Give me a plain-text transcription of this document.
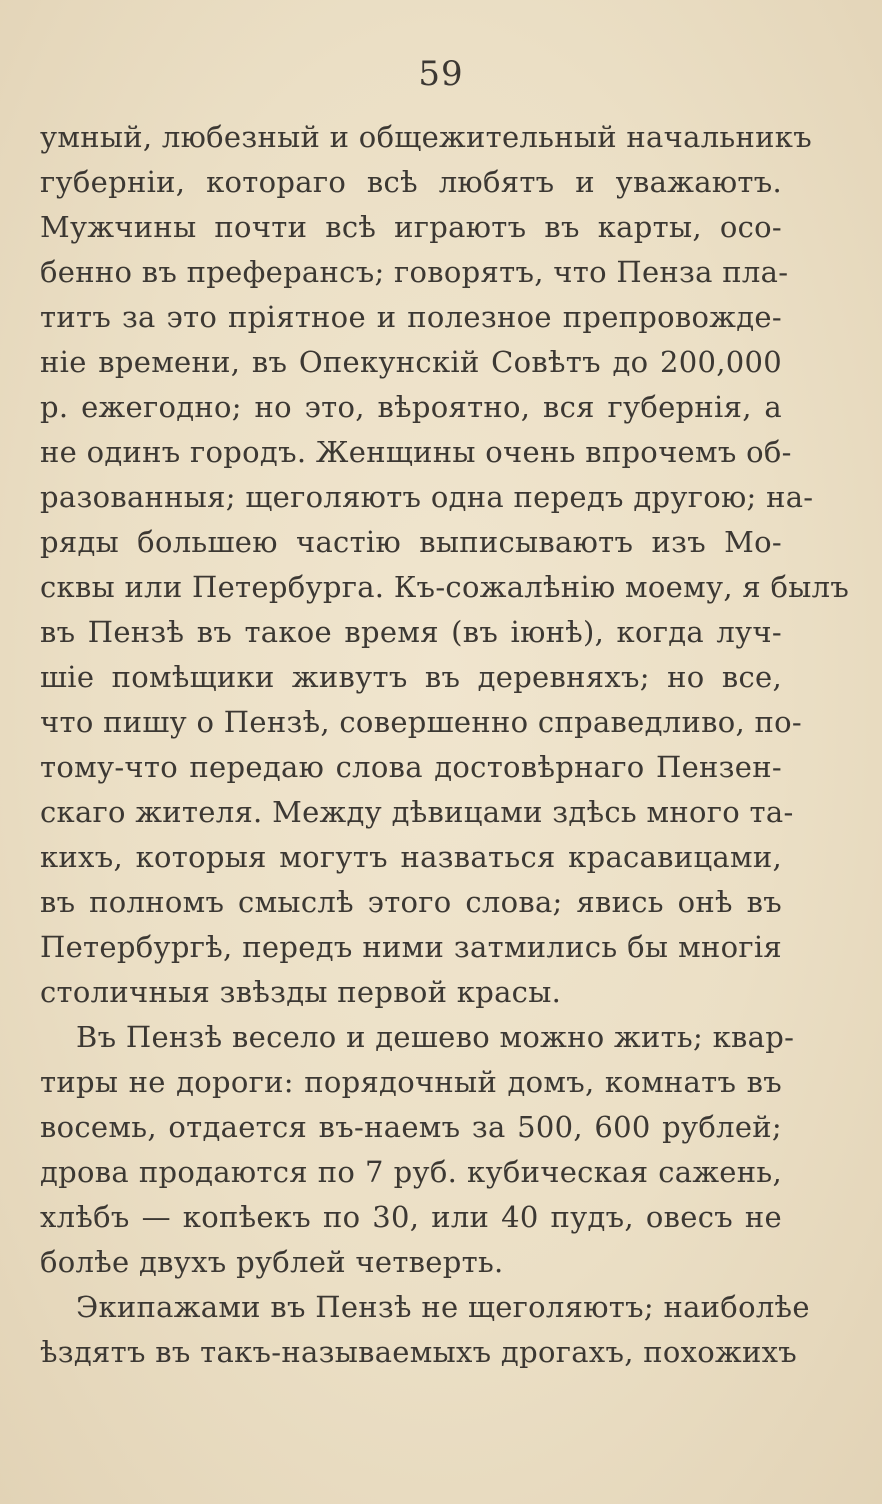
59
умный, любезный и общежительный начальникъ
губерніи, котораго всѣ любятъ и уважаютъ.
Мужчины почти всѣ играютъ въ карты, осо-
бенно въ преферансъ; говорятъ, что Пенза пла-
титъ за это пріятное и полезное препровожде-
ніе времени, въ Опекунскій Совѣтъ до 200,000
р. ежегодно; но это, вѣроятно, вся губернія, а
не одинъ городъ. Женщины очень впрочемъ об-
разованныя; щеголяютъ одна передъ другою; на-
ряды большею частію выписываютъ изъ Мо-
сквы или Петербурга. Къ-сожалѣнію моему, я былъ
въ Пензѣ въ такое время (въ іюнѣ), когда луч-
шіе помѣщики живутъ въ деревняхъ; но все,
что пишу о Пензѣ, совершенно справедливо, по-
тому-что передаю слова достовѣрнаго Пензен-
скаго жителя. Между дѣвицами здѣсь много та-
кихъ, которыя могутъ назваться красавицами,
въ полномъ смыслѣ этого слова; явись онѣ въ
Петербургѣ, передъ ними затмились бы многія
столичныя звѣзды первой красы.
Въ Пензѣ весело и дешево можно жить; квар-
тиры не дороги: порядочный домъ, комнатъ въ
восемь, отдается въ-наемъ за 500, 600 рублей;
дрова продаются по 7 руб. кубическая сажень,
хлѣбъ — копѣекъ по 30, или 40 пудъ, овесъ не
болѣе двухъ рублей четверть.
Экипажами въ Пензѣ не щеголяютъ; наиболѣе
ѣздятъ въ такъ-называемыхъ дрогахъ, похожихъ
